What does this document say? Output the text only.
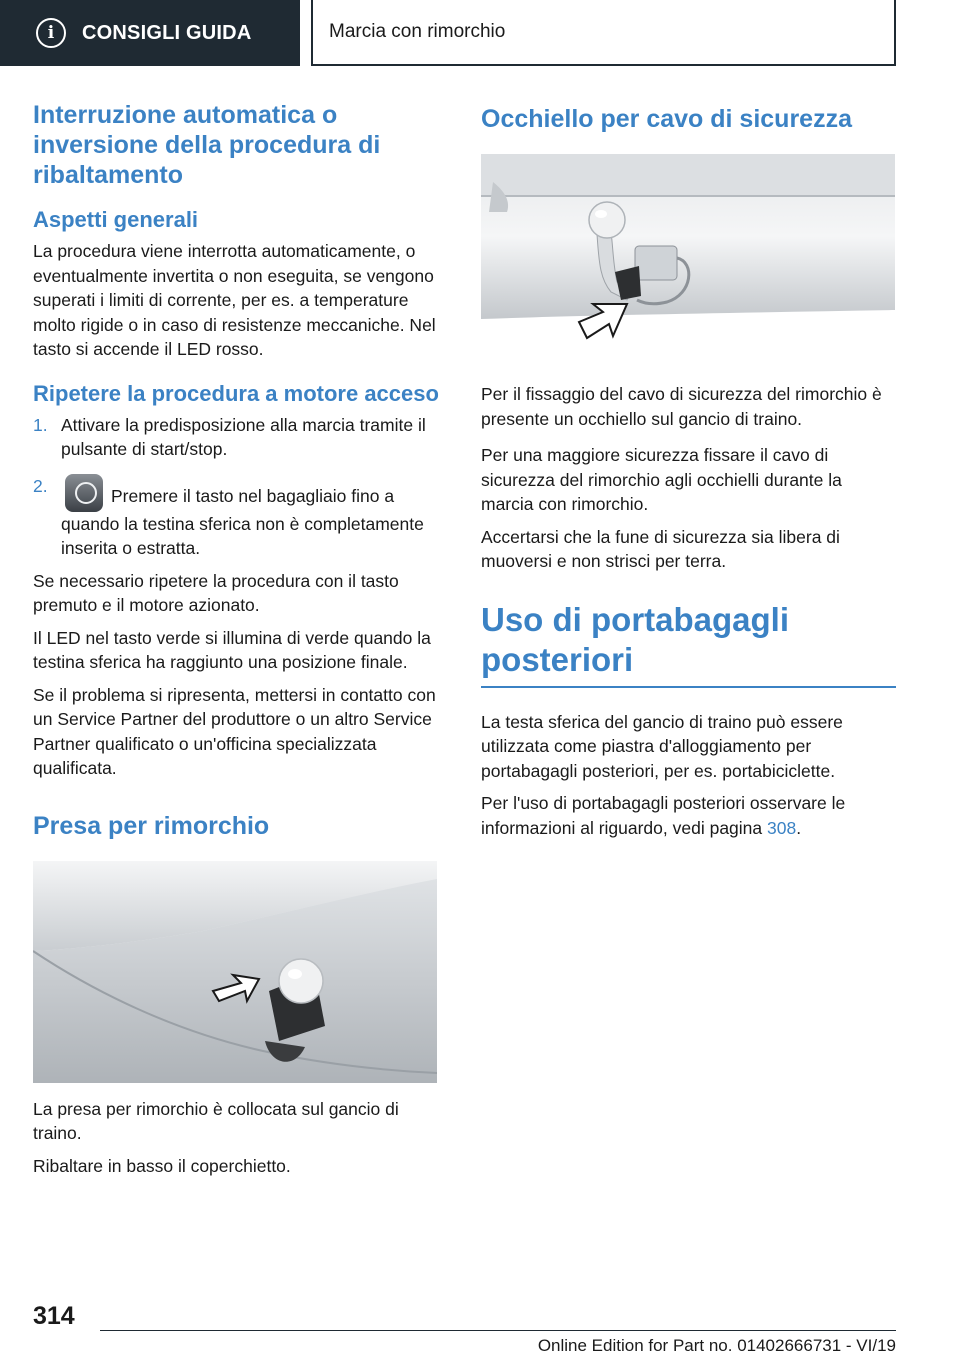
i	CONSIGLI GUIDA	Marcia con rimorchio
Interruzione automatica o inversione della procedura di ribaltamento
Aspetti generali

La procedura viene interrotta automaticamente, o eventualmente invertita o non eseguita, se vengono superati i limiti di corrente, per es. a temperature molto rigide o in caso di resistenze meccaniche. Nel tasto si accende il LED rosso.

Ripetere la procedura a motore acceso
1. Attivare la predisposizione alla marcia tramite il pulsante di start/stop.
2.	Premere il tasto nel bagagliaio fino a quando la testina sferica non è completamente inserita o estratta.

Se necessario ripetere la procedura con il tasto premuto e il motore azionato.

Il LED nel tasto verde si illumina di verde quando la testina sferica ha raggiunto una posizione finale.

Se il problema si ripresenta, mettersi in contatto con un Service Partner del produttore o un altro Service Partner qualificato o un'officina specializzata qualificata.

Presa per rimorchio

La presa per rimorchio è collocata sul gancio di traino.

Ribaltare in basso il coperchietto.

Occhiello per cavo di sicurezza

Per il fissaggio del cavo di sicurezza del rimorchio è presente un occhiello sul gancio di traino.

Per una maggiore sicurezza fissare il cavo di sicurezza del rimorchio agli occhielli durante la marcia con rimorchio.

Accertarsi che la fune di sicurezza sia libera di muoversi e non strisci per terra.

Uso di portabagagli posteriori

La testa sferica del gancio di traino può essere utilizzata come piastra d'alloggiamento per portabagagli posteriori, per es. portabiciclette.

Per l'uso di portabagagli posteriori osservare le informazioni al riguardo, vedi pagina 308.

314
Online Edition for Part no. 01402666731 - VI/19
